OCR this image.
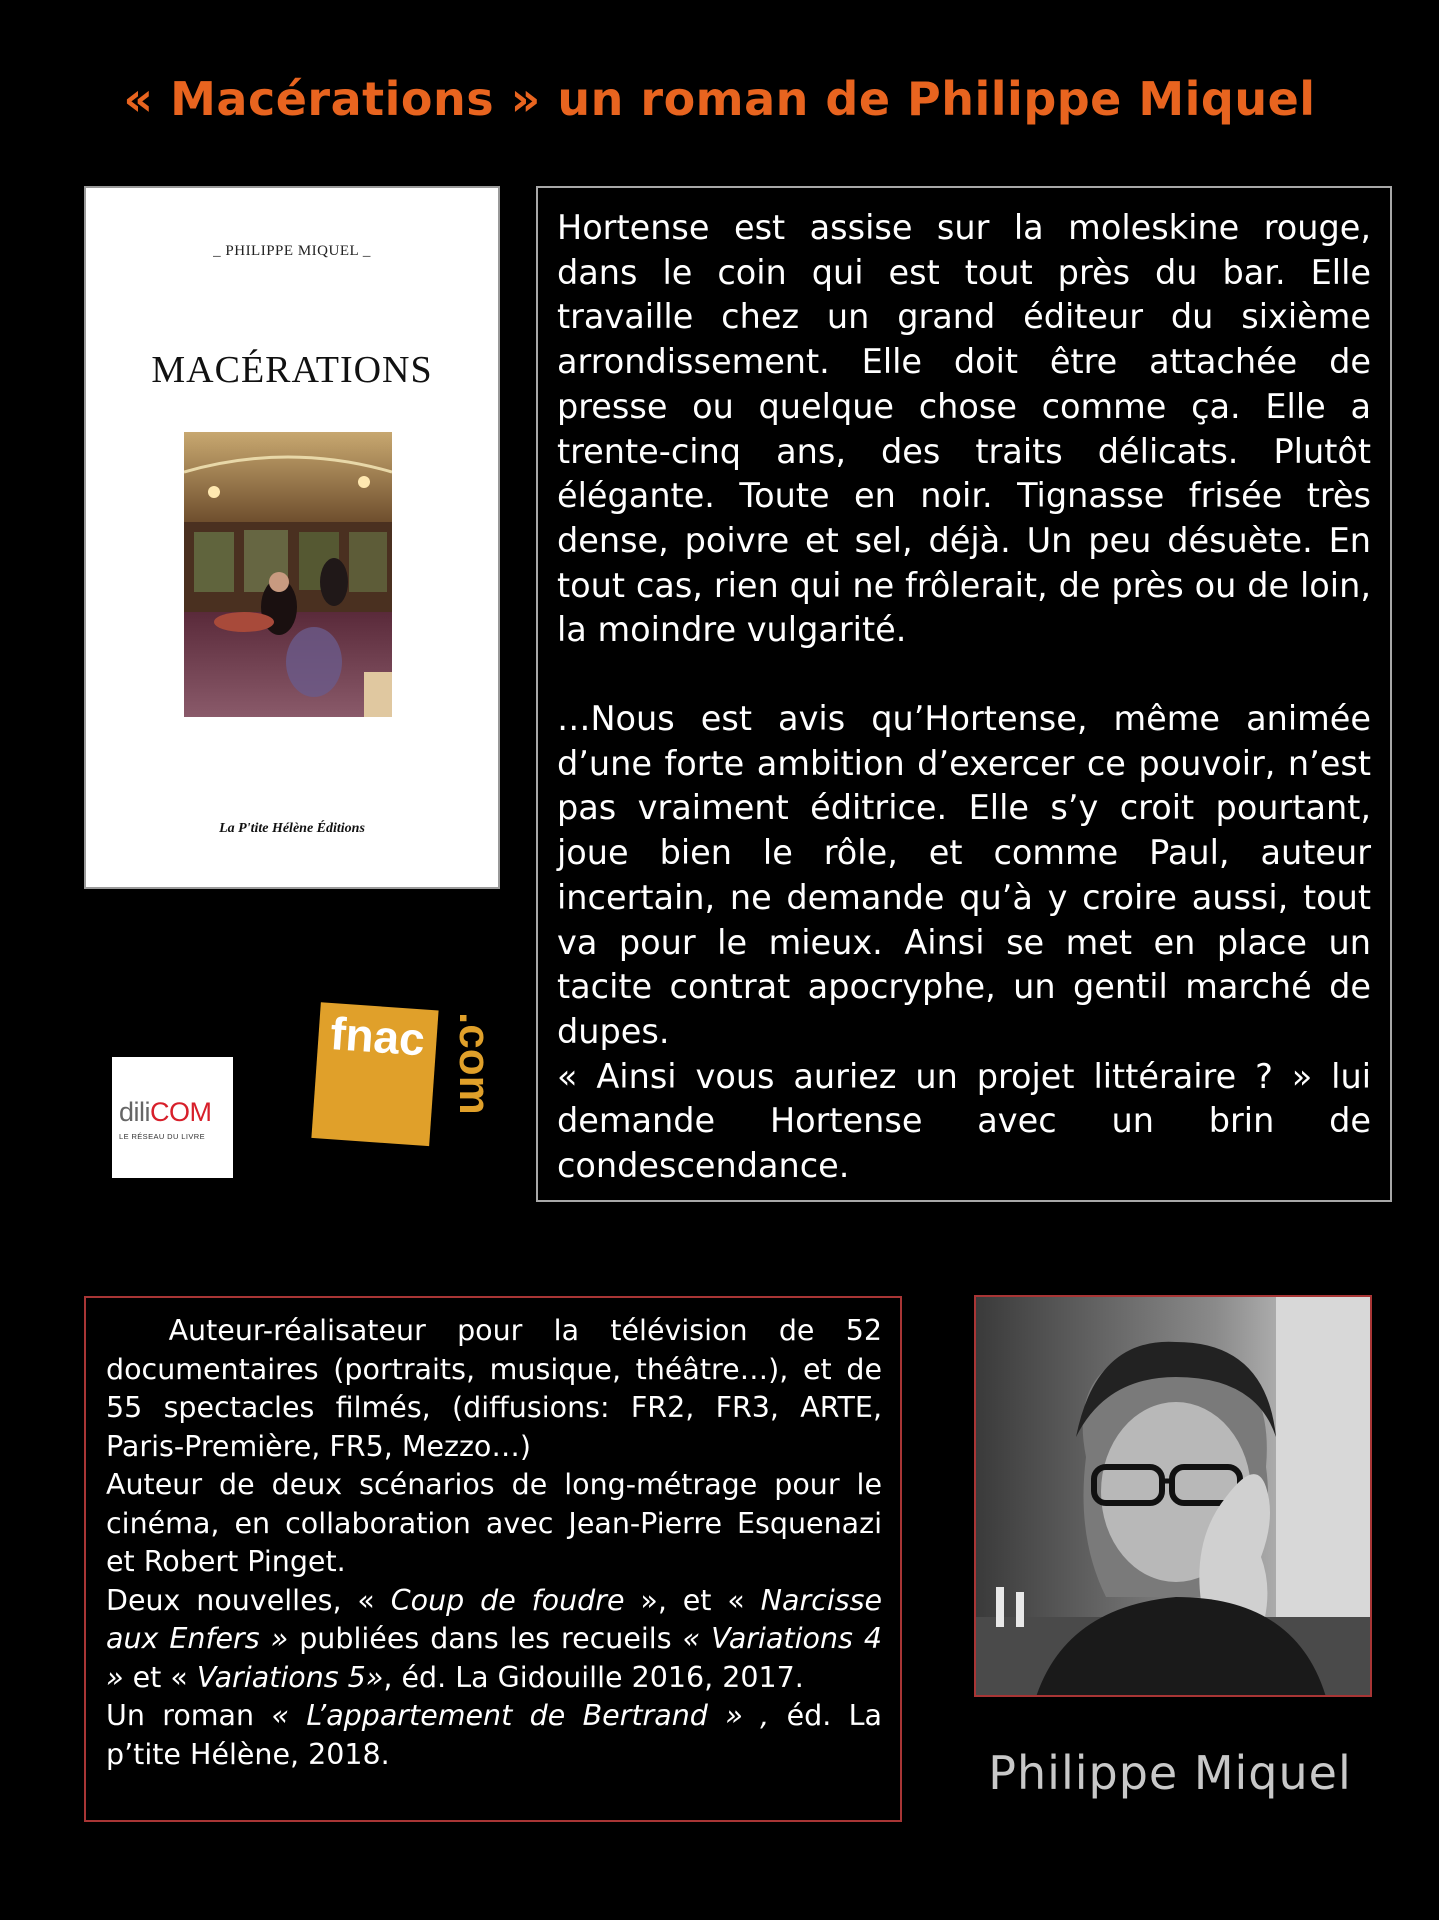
« Macérations » un roman de Philippe Miquel
_ PHILIPPE MIQUEL _
MACÉRATIONS
La P'tite Hélène Éditions

Hortense est assise sur la moleskine rouge, dans le coin qui est tout près du bar. Elle travaille chez un grand éditeur du sixième arrondissement. Elle doit être attachée de presse ou quelque chose comme ça. Elle a trente-cinq ans, des traits délicats. Plutôt élégante. Toute en noir. Tignasse frisée très dense, poivre et sel, déjà. Un peu désuète. En tout cas, rien qui ne frôlerait, de près ou de loin, la moindre vulgarité.

…Nous est avis qu’Hortense, même animée d’une forte ambition d’exercer ce pouvoir, n’est pas vraiment éditrice. Elle s’y croit pourtant, joue bien le rôle, et comme Paul, auteur incertain, ne demande qu’à y croire aussi, tout va pour le mieux. Ainsi se met en place un tacite contrat apocryphe, un gentil marché de dupes.

« Ainsi vous auriez un projet littéraire ? » lui demande Hortense avec un brin de condescendance.

diliCOM
LE RÉSEAU DU LIVRE
fnac .com

Auteur-réalisateur pour la télévision de 52 documentaires (portraits, musique, théâtre…), et de 55 spectacles filmés, (diffusions: FR2, FR3, ARTE, Paris-Première, FR5, Mezzo…)

Auteur de deux scénarios de long-métrage pour le cinéma, en collaboration avec Jean-Pierre Esquenazi et Robert Pinget.

Deux nouvelles, « Coup de foudre », et « Narcisse aux Enfers » publiées dans les recueils « Variations 4 » et « Variations 5», éd. La Gidouille 2016, 2017.

Un roman « L’appartement de Bertrand » , éd. La p’tite Hélène, 2018.	Philippe Miquel
